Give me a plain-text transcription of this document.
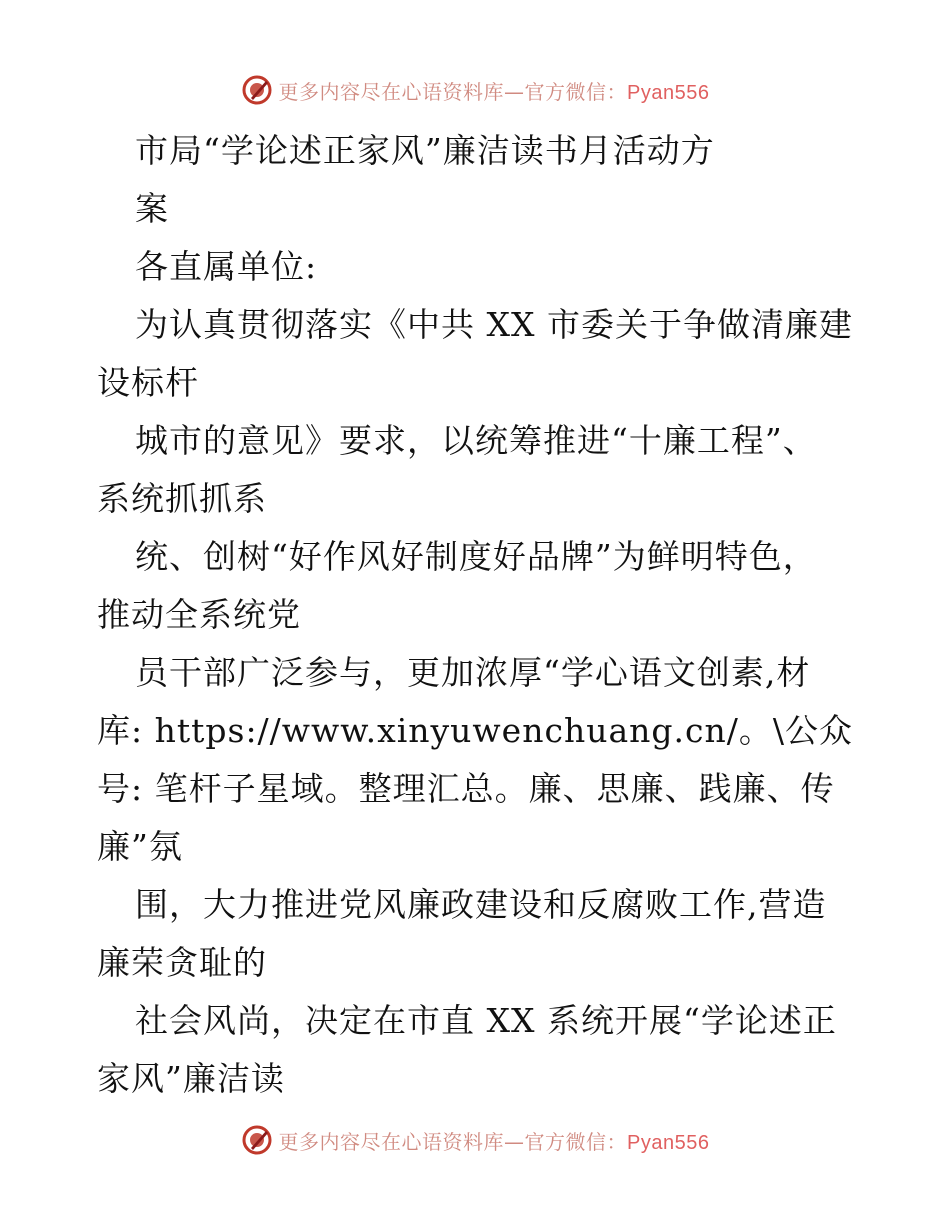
更多内容尽在心语资料库—官方微信：Pyan556
市局“学论述正家风”廉洁读书月活动方
案
各直属单位:
为认真贯彻落实《中共 XX 市委关于争做清廉建
设标杆
城市的意见》要求，以统筹推进“十廉工程”、
系统抓抓系
统、创树“好作风好制度好品牌”为鲜明特色，
推动全系统党
员干部广泛参与，更加浓厚“学心语文创素,材
库: https://www.xinyuwenchuang.cn/。\公众
号: 笔杆子星域。整理汇总。廉、思廉、践廉、传
廉”氛
围，大力推进党风廉政建设和反腐败工作,营造
廉荣贪耻的
社会风尚，决定在市直 XX 系统开展“学论述正
家风”廉洁读
更多内容尽在心语资料库—官方微信：Pyan556
